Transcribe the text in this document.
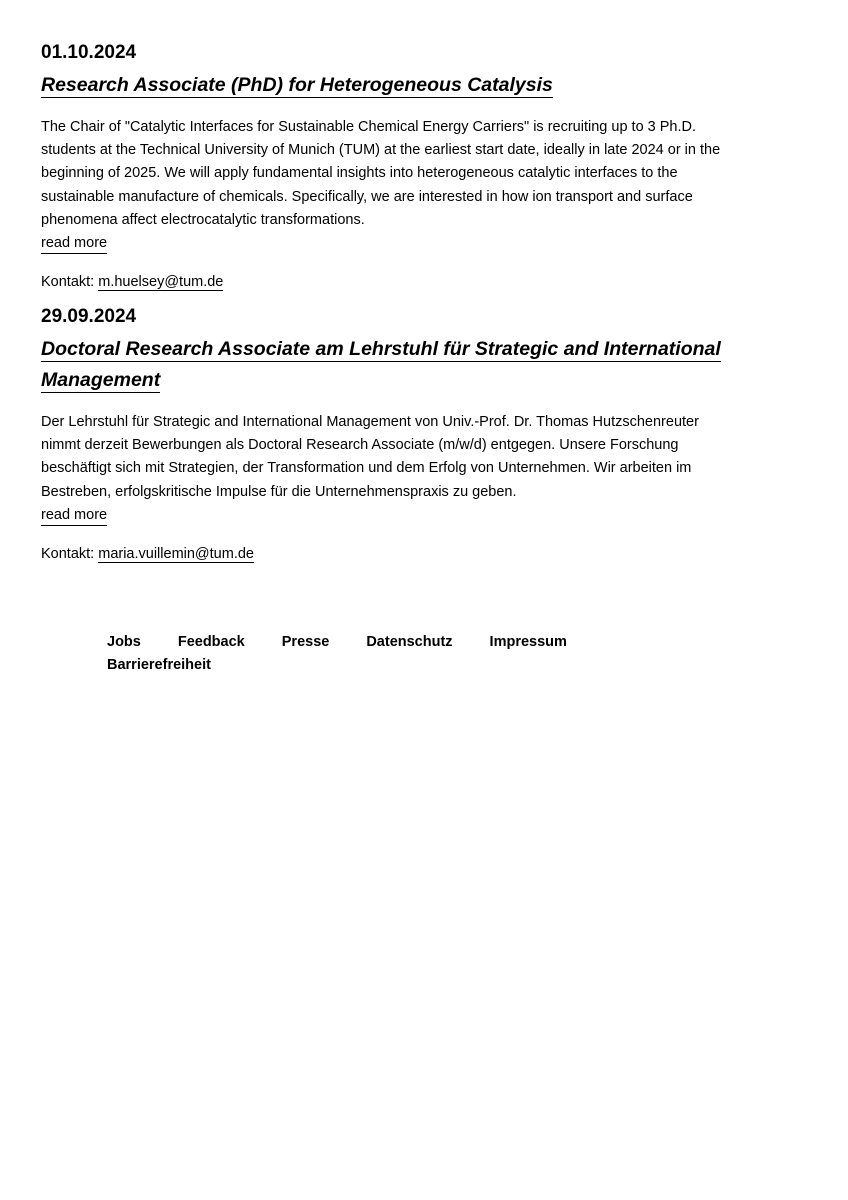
01.10.2024
Research Associate (PhD) for Heterogeneous Catalysis

The Chair of "Catalytic Interfaces for Sustainable Chemical Energy Carriers" is recruiting up to 3 Ph.D. students at the Technical University of Munich (TUM) at the earliest start date, ideally in late 2024 or in the beginning of 2025. We will apply fundamental insights into heterogeneous catalytic interfaces to the sustainable manufacture of chemicals. Specifically, we are interested in how ion transport and surface phenomena affect electrocatalytic transformations.

read more
Kontakt: m.huelsey@tum.de
29.09.2024
Doctoral Research Associate am Lehrstuhl für Strategic and International Management

Der Lehrstuhl für Strategic and International Management von Univ.-Prof. Dr. Thomas Hutzschenreuter nimmt derzeit Bewerbungen als Doctoral Research Associate (m/w/d) entgegen. Unsere Forschung beschäftigt sich mit Strategien, der Transformation und dem Erfolg von Unternehmen. Wir arbeiten im Bestreben, erfolgskritische Impulse für die Unternehmenspraxis zu geben.

read more
Kontakt: maria.vuillemin@tum.de
Jobs	Feedback	Presse	Datenschutz	Impressum
Barrierefreiheit
